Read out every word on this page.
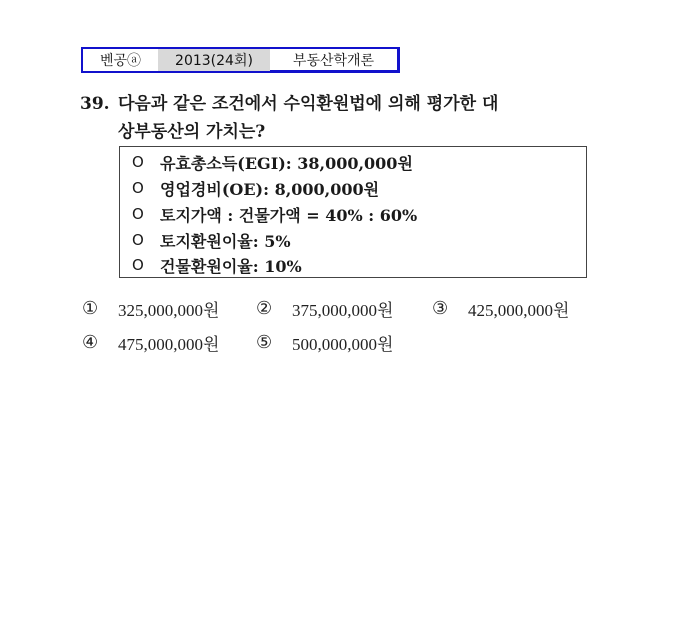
벤공ⓐ	2013(24회)	부동산학개론
39. 다음과 같은 조건에서 수익환원법에 의해 평가한 대
상부동산의 가치는?
O	유효총소득(EGI): 38,000,000원
O	영업경비(OE): 8,000,000원
O	토지가액 : 건물가액 = 40% : 60%
O	토지환원이율: 5%
O	건물환원이율: 10%
①	325,000,000원 ②	375,000,000원 ③	425,000,000원
④	475,000,000원 ⑤	500,000,000원
